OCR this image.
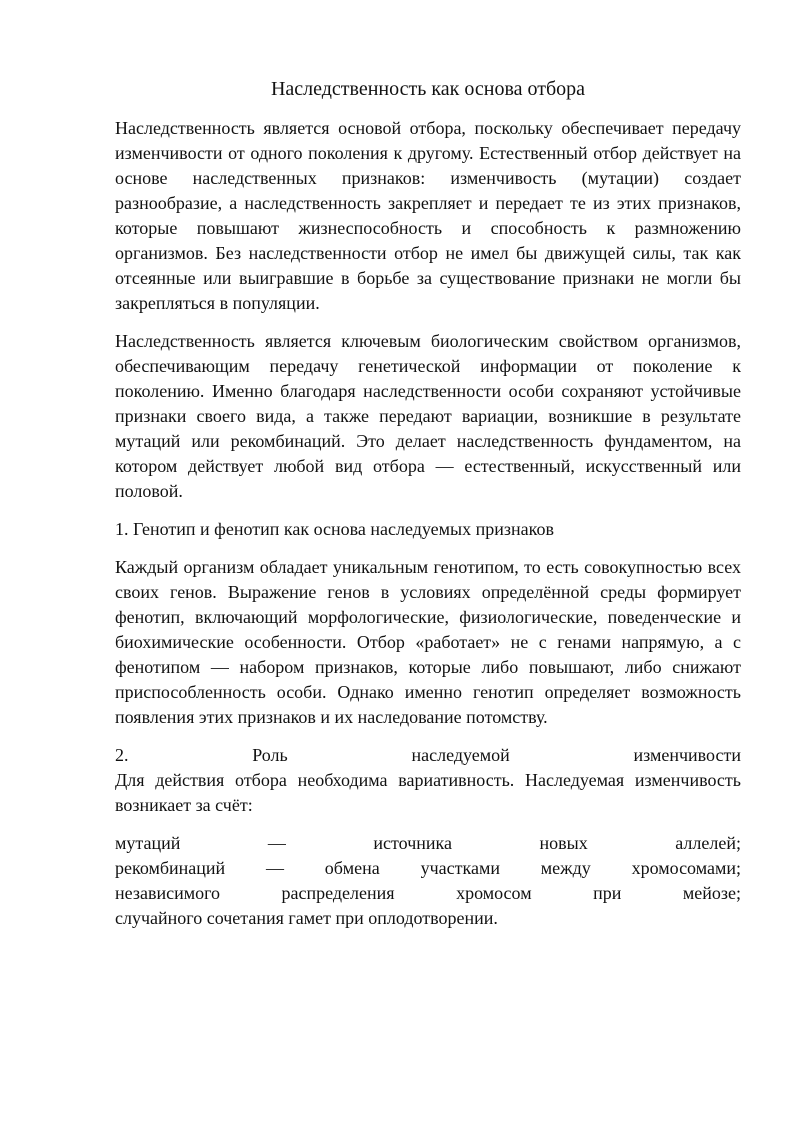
Наследственность как основа отбора

Наследственность является основой отбора, поскольку обеспечивает передачу изменчивости от одного поколения к другому. Естественный отбор действует на основе наследственных признаков: изменчивость (мутации) создает разнообразие, а наследственность закрепляет и передает те из этих признаков, которые повышают жизнеспособность и способность к размножению организмов. Без наследственности отбор не имел бы движущей силы, так как отсеянные или выигравшие в борьбе за существование признаки не могли бы закрепляться в популяции.

Наследственность является ключевым биологическим свойством организмов, обеспечивающим передачу генетической информации от поколение к поколению. Именно благодаря наследственности особи сохраняют устойчивые признаки своего вида, а также передают вариации, возникшие в результате мутаций или рекомбинаций. Это делает наследственность фундаментом, на котором действует любой вид отбора — естественный, искусственный или половой.

1. Генотип и фенотип как основа наследуемых признаков

Каждый организм обладает уникальным генотипом, то есть совокупностью всех своих генов. Выражение генов в условиях определённой среды формирует фенотип, включающий морфологические, физиологические, поведенческие и биохимические особенности. Отбор «работает» не с генами напрямую, а с фенотипом — набором признаков, которые либо повышают, либо снижают приспособленность особи. Однако именно генотип определяет возможность появления этих признаков и их наследование потомству.

2. Роль наследуемой изменчивости
Для действия отбора необходима вариативность. Наследуемая изменчивость возникает за счёт:
мутаций — источника новых аллелей;
рекомбинаций — обмена участками между хромосомами;
независимого распределения хромосом при мейозе;
случайного сочетания гамет при оплодотворении.
